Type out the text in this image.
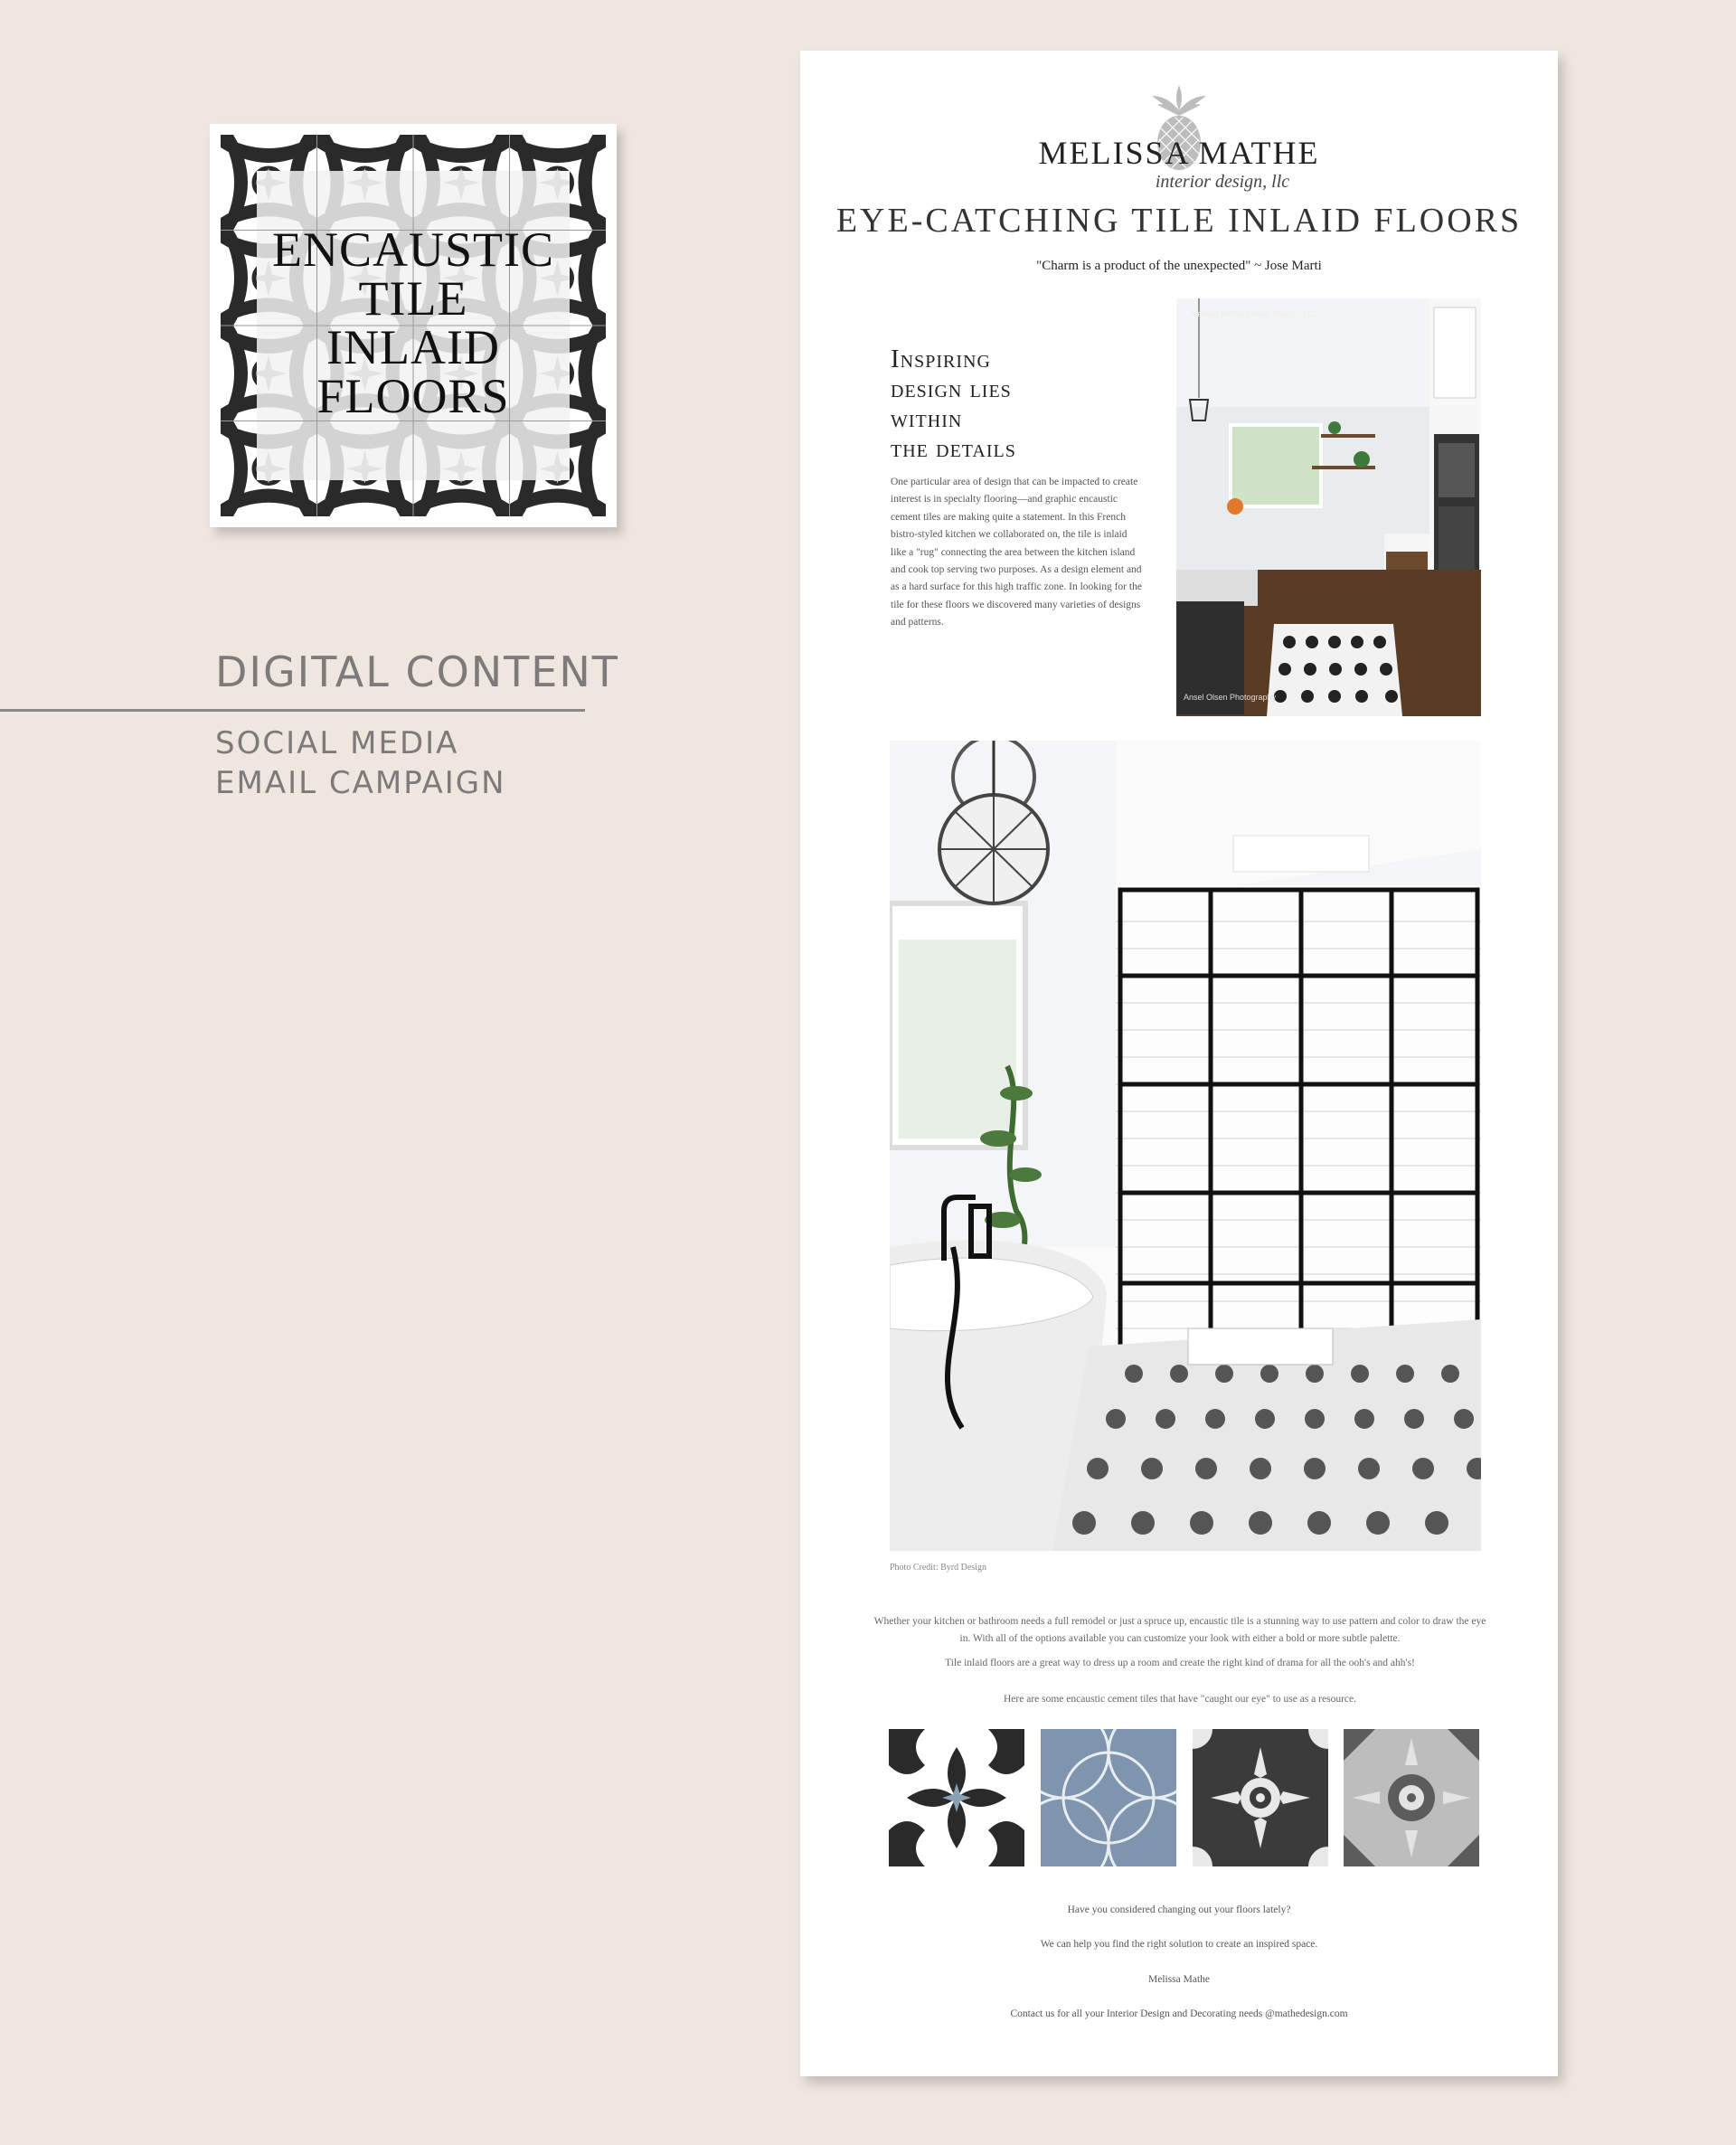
ENCAUSTIC
TILE
INLAID
FLOORS
DIGITAL CONTENT
SOCIAL MEDIA
EMAIL CAMPAIGN
MELISSA MATHE
interior design, llc
EYE-CATCHING TILE INLAID FLOORS
"Charm is a product of the unexpected" ~ Jose Marti
Inspiring
design lies
within
the details
One particular area of design that can be impacted to create interest is in specialty flooring—and graphic encaustic cement tiles are making quite a statement. In this French bistro-styled kitchen we collaborated on, the tile is inlaid like a "rug" connecting the area between the kitchen island and cook top serving two purposes. As a design element and as a hard surface for this high traffic zone. In looking for the tile for these floors we discovered many varieties of designs and patterns.
Melissa Mathe Interior Design, LLC
Ansel Olsen Photography
Photo Credit: Byrd Design
Whether your kitchen or bathroom needs a full remodel or just a spruce up, encaustic tile is a stunning way to use pattern and color to draw the eye in. With all of the options available you can customize your look with either a bold or more subtle palette.
Tile inlaid floors are a great way to dress up a room and create the right kind of drama for all the ooh's and ahh's!
Here are some encaustic cement tiles that have "caught our eye" to use as a resource.
Have you considered changing out your floors lately?
We can help you find the right solution to create an inspired space.
Melissa Mathe
Contact us for all your Interior Design and Decorating needs @mathedesign.com
